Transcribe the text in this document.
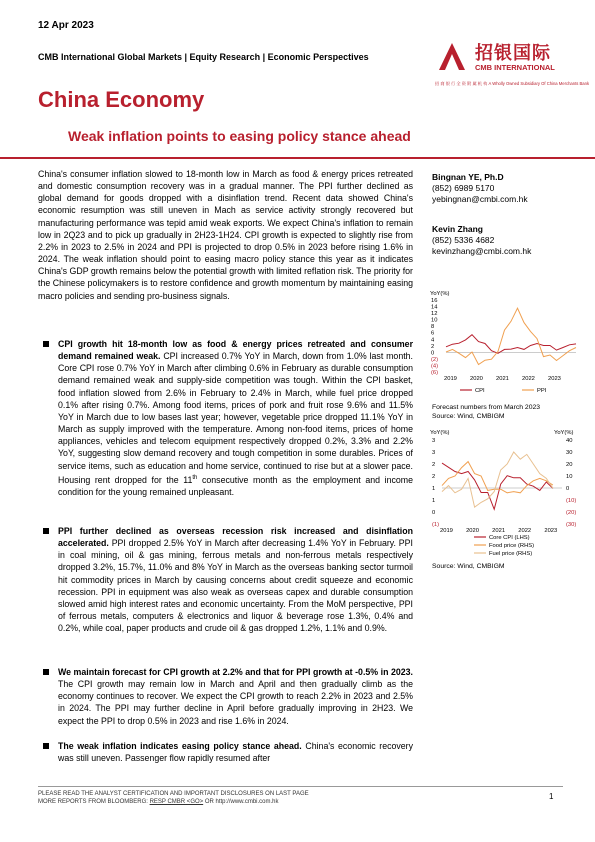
12 Apr 2023
招银国际
CMB INTERNATIONAL
招 商 银 行 全 资 附 属 机 构 A Wholly Owned Subsidiary Of China Merchants Bank
CMB International Global Markets | Equity Research | Economic Perspectives
China Economy
Weak inflation points to easing policy stance ahead
China's consumer inflation slowed to 18-month low in March as food & energy prices retreated and domestic consumption recovery was in a gradual manner. The PPI further declined as global demand for goods dropped with a disinflation trend. Recent data showed China's economic resumption was still uneven in Mach as service activity strongly recovered but manufacturing performance was tepid amid weak exports. We expect China's inflation to remain low in 2Q23 and to pick up gradually in 2H23-1H24. CPI growth is expected to slightly rise from 2.2% in 2023 to 2.5% in 2024 and PPI is projected to drop 0.5% in 2023 before rising 1.6% in 2024. The weak inflation should point to easing macro policy stance this year as it indicates China's GDP growth remains below the potential growth with limited reflation risk. The priority for the Chinese policymakers is to restore confidence and growth momentum by maintaining easing macro policies and sending pro-business signals.
CPI growth hit 18-month low as food & energy prices retreated and consumer demand remained weak. CPI increased 0.7% YoY in March, down from 1.0% last month. Core CPI rose 0.7% YoY in March after climbing 0.6% in February as durable consumption demand remained weak and supply-side competition was tough. Within the CPI basket, food inflation slowed from 2.6% in February to 2.4% in March, while fuel price dropped 0.1% after rising 0.7%. Among food items, prices of pork and fruit rose 9.6% and 11.5% YoY in March due to low bases last year; however, vegetable price dropped 11.1% YoY in March as supply improved with the temperature. Among non-food items, prices of home appliances, vehicles and telecom equipment respectively dropped 0.2%, 3.3% and 2.2% YoY, suggesting slow demand recovery and tough competition in some durables. Prices of service items, such as education and home service, continued to rise but at a slower pace. Housing rent dropped for the 11th consecutive month as the employment and income condition for the young remained unpleasant.
PPI further declined as overseas recession risk increased and disinflation accelerated. PPI dropped 2.5% YoY in March after decreasing 1.4% YoY in February. PPI in coal mining, oil & gas mining, ferrous metals and non-ferrous metals respectively dropped 3.2%, 15.7%, 11.0% and 8% YoY in March as the overseas banking sector turmoil hit commodity prices in March by causing concerns about credit squeeze and economic recession. PPI in equipment was also weak as overseas capex and durable consumption slowed amid high interest rates and economic uncertainty. From the MoM perspective, PPI of ferrous metals, computers & electronics and liquor & beverage rose 1.3%, 0.4% and 0.2%, while coal, paper products and crude oil & gas dropped 1.2%, 1.1% and 0.9%.
We maintain forecast for CPI growth at 2.2% and that for PPI growth at -0.5% in 2023. The CPI growth may remain low in March and April and then gradually climb as the economy continues to recover. We expect the CPI growth to reach 2.2% in 2023 and 2.5% in 2024. The PPI may further decline in April before gradually improving in 2H23. We expect the PPI to drop 0.5% in 2023 and rise 1.6% in 2024.
The weak inflation indicates easing policy stance ahead. China's economic recovery was still uneven. Passenger flow rapidly resumed after
Bingnan YE, Ph.D
(852) 6989 5170
yebingnan@cmbi.com.hk
Kevin Zhang
(852) 5336 4682
kevinzhang@cmbi.com.hk
YoY(%)
16
14
12
10
8
6
4
2
0
(2)
(4)
(6)
2019 2020 2021 2022 2023
CPI	PPI
Forecast numbers from March 2023
Source: Wind, CMBIGM
YoY(%)	YoY(%)
3
3
2
2
1
1
0
(1)
40
30
20
10
0
(10)
(20)
(30)
2019 2020 2021 2022 2023
Core CPI (LHS)
Food price (RHS)
Fuel price (RHS)
Source: Wind, CMBIGM
PLEASE READ THE ANALYST CERTIFICATION AND IMPORTANT DISCLOSURES ON LAST PAGE
MORE REPORTS FROM BLOOMBERG: RESP CMBR <GO> OR http://www.cmbi.com.hk
1
